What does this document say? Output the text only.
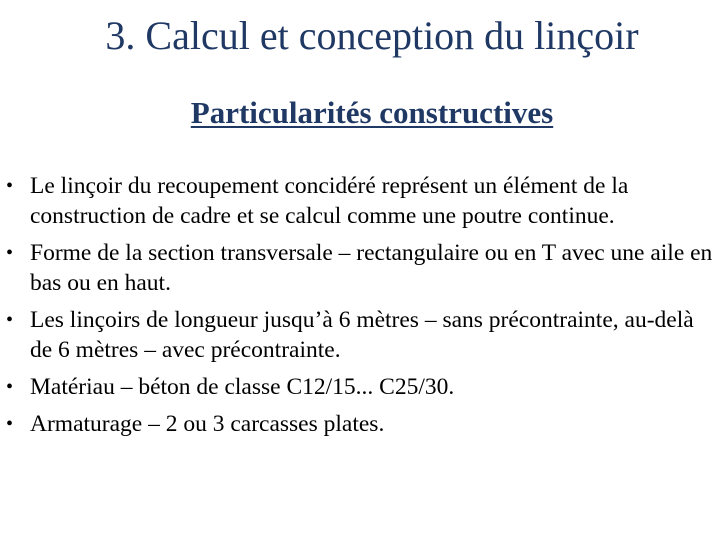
3. Calcul et conception du linçoir
Particularités constructives
• Le linçoir du recoupement concidéré représent un élément de la construction de cadre et se calcul comme une poutre continue.
• Forme de la section transversale – rectangulaire ou en T avec une aile en bas ou en haut.
• Les linçoirs de longueur jusqu’à 6 mètres – sans précontrainte, au-delà de 6 mètres – avec précontrainte.
• Matériau – béton de classe C12/15... C25/30.
• Armaturage – 2 ou 3 carcasses plates.
